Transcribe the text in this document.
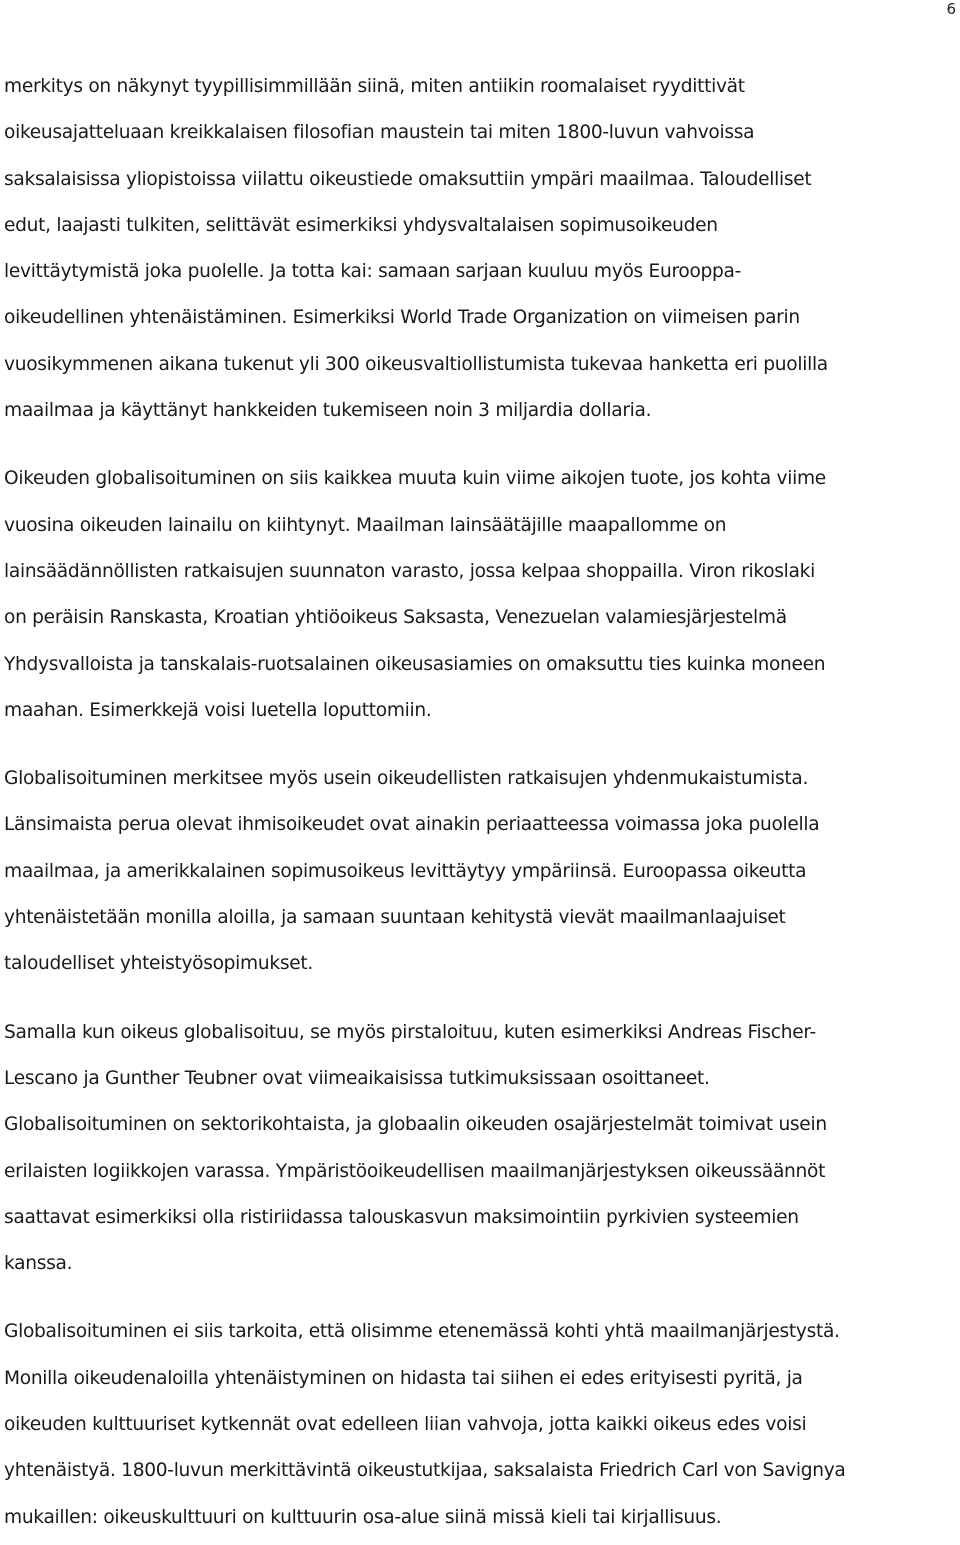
6
merkitys on näkynyt tyypillisimmillään siinä, miten antiikin roomalaiset ryydittivät
oikeusajatteluaan kreikkalaisen filosofian maustein tai miten 1800-luvun vahvoissa
saksalaisissa yliopistoissa viilattu oikeustiede omaksuttiin ympäri maailmaa. Taloudelliset
edut, laajasti tulkiten, selittävät esimerkiksi yhdysvaltalaisen sopimusoikeuden
levittäytymistä joka puolelle. Ja totta kai: samaan sarjaan kuuluu myös Eurooppa-
oikeudellinen yhtenäistäminen. Esimerkiksi World Trade Organization on viimeisen parin
vuosikymmenen aikana tukenut yli 300 oikeusvaltiollistumista tukevaa hanketta eri puolilla
maailmaa ja käyttänyt hankkeiden tukemiseen noin 3 miljardia dollaria.
Oikeuden globalisoituminen on siis kaikkea muuta kuin viime aikojen tuote, jos kohta viime
vuosina oikeuden lainailu on kiihtynyt. Maailman lainsäätäjille maapallomme on
lainsäädännöllisten ratkaisujen suunnaton varasto, jossa kelpaa shoppailla. Viron rikoslaki
on peräisin Ranskasta, Kroatian yhtiöoikeus Saksasta, Venezuelan valamiesjärjestelmä
Yhdysvalloista ja tanskalais-ruotsalainen oikeusasiamies on omaksuttu ties kuinka moneen
maahan. Esimerkkejä voisi luetella loputtomiin.
Globalisoituminen merkitsee myös usein oikeudellisten ratkaisujen yhdenmukaistumista.
Länsimaista perua olevat ihmisoikeudet ovat ainakin periaatteessa voimassa joka puolella
maailmaa, ja amerikkalainen sopimusoikeus levittäytyy ympäriinsä. Euroopassa oikeutta
yhtenäistetään monilla aloilla, ja samaan suuntaan kehitystä vievät maailmanlaajuiset
taloudelliset yhteistyösopimukset.
Samalla kun oikeus globalisoituu, se myös pirstaloituu, kuten esimerkiksi Andreas Fischer-
Lescano ja Gunther Teubner ovat viimeaikaisissa tutkimuksissaan osoittaneet.
Globalisoituminen on sektorikohtaista, ja globaalin oikeuden osajärjestelmät toimivat usein
erilaisten logiikkojen varassa. Ympäristöoikeudellisen maailmanjärjestyksen oikeussäännöt
saattavat esimerkiksi olla ristiriidassa talouskasvun maksimointiin pyrkivien systeemien
kanssa.
Globalisoituminen ei siis tarkoita, että olisimme etenemässä kohti yhtä maailmanjärjestystä.
Monilla oikeudenaloilla yhtenäistyminen on hidasta tai siihen ei edes erityisesti pyritä, ja
oikeuden kulttuuriset kytkennät ovat edelleen liian vahvoja, jotta kaikki oikeus edes voisi
yhtenäistyä. 1800-luvun merkittävintä oikeustutkijaa, saksalaista Friedrich Carl von Savignya
mukaillen: oikeuskulttuuri on kulttuurin osa-alue siinä missä kieli tai kirjallisuus.
